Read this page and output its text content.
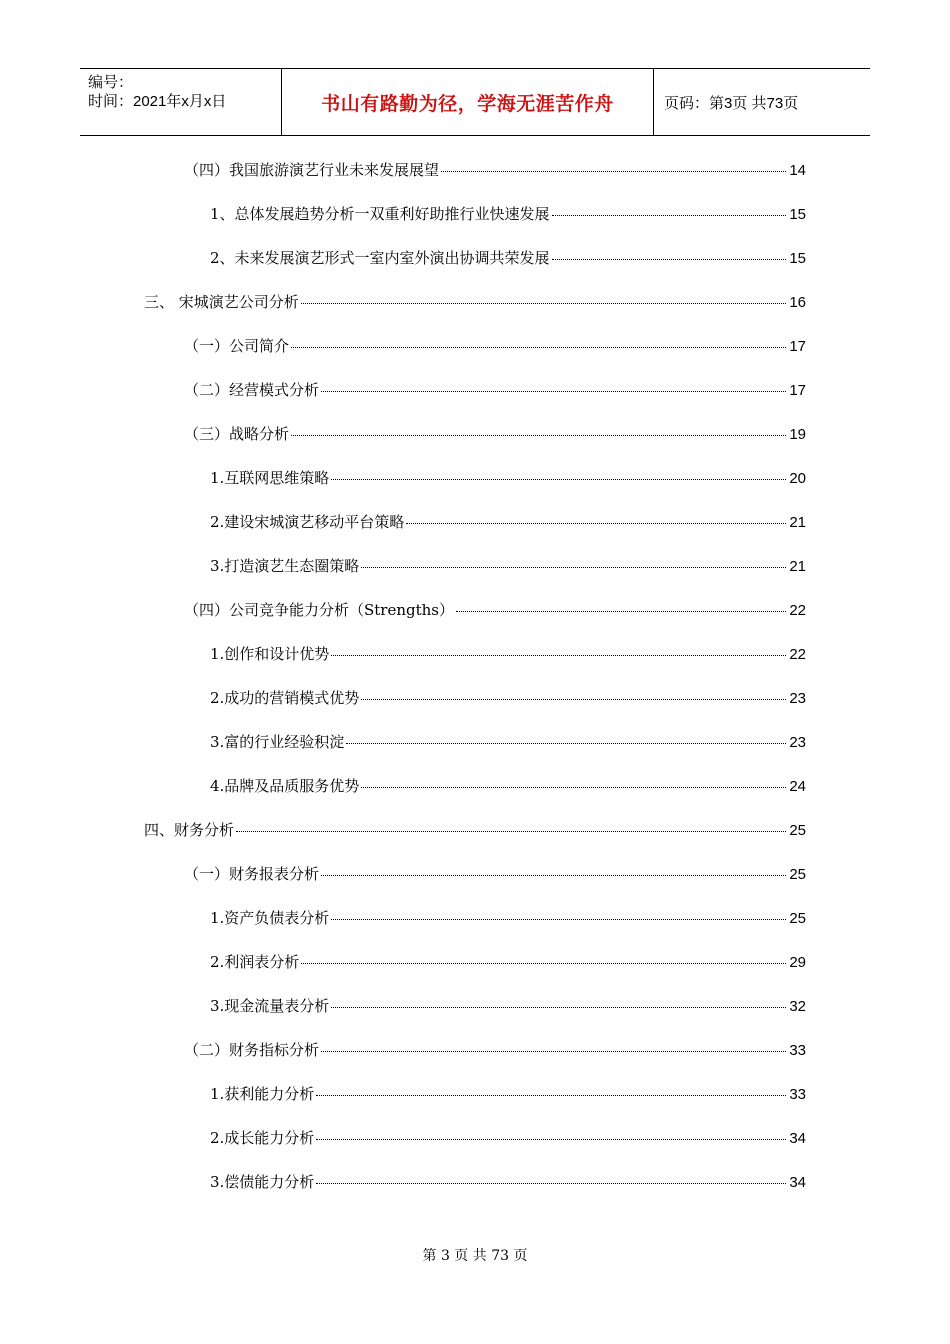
编号：
时间：2021年x月x日	书山有路勤为径，学海无涯苦作舟	页码：第3页 共73页
（四）我国旅游演艺行业未来发展展望	14
1、总体发展趋势分析一双重利好助推行业快速发展	15
2、未来发展演艺形式一室内室外演出协调共荣发展	15
三、 宋城演艺公司分析	16
（一）公司简介	17
（二）经营模式分析	17
（三）战略分析	19
1.互联网思维策略	20
2.建设宋城演艺移动平台策略	21
3.打造演艺生态圈策略	21
（四）公司竞争能力分析（Strengths）	22
1.创作和设计优势	22
2.成功的营销模式优势	23
3.富的行业经验积淀	23
4.品牌及品质服务优势	24
四、财务分析	25
（一）财务报表分析	25
1.资产负债表分析	25
2.利润表分析	29
3.现金流量表分析	32
（二）财务指标分析	33
1.获利能力分析	33
2.成长能力分析	34
3.偿债能力分析	34
第 3 页 共 73 页
